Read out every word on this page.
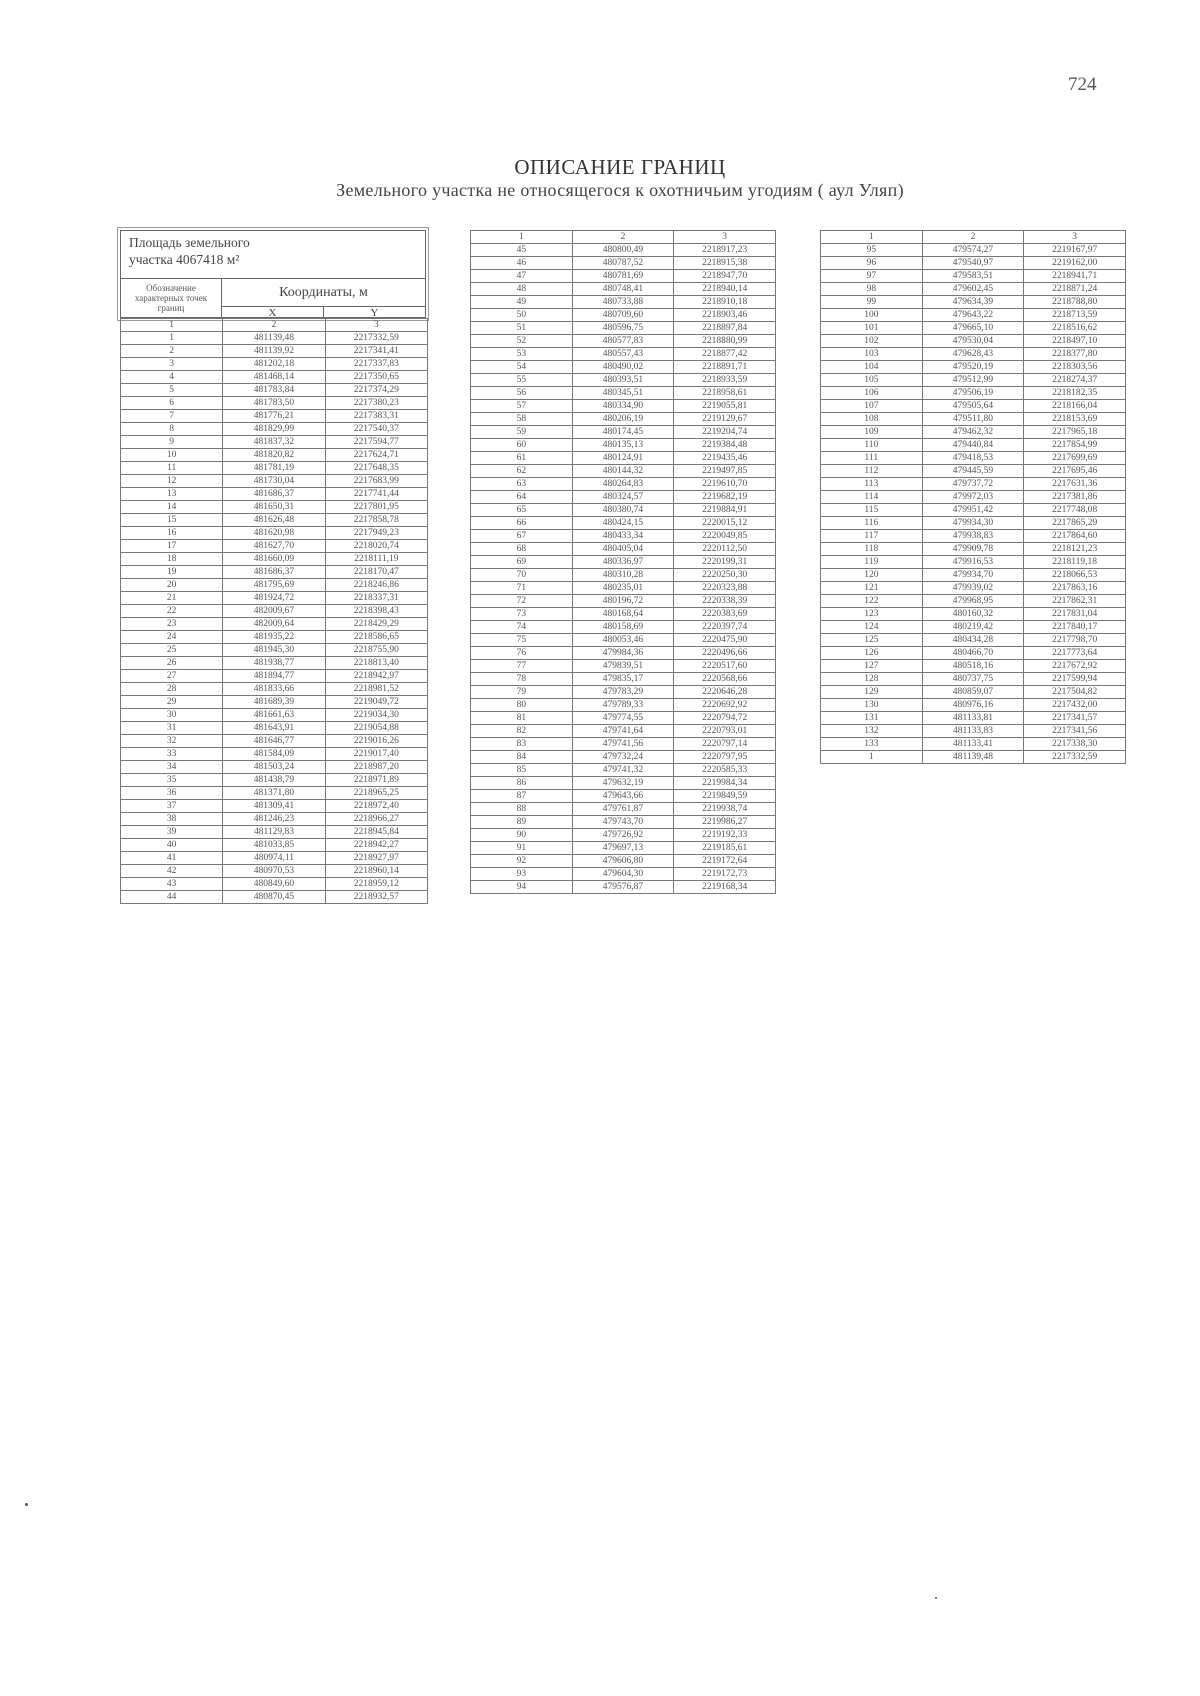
724
ОПИСАНИЕ ГРАНИЦ
Земельного участка не относящегося к охотничьим угодиям ( аул Уляп)
Площадь земельного
участка 4067418 м²
Обозначение характерных точек границ
Координаты, м
X	Y
1	2	3
1	481139,48	2217332,59
2	481139,92	2217341,41
3	481202,18	2217337,83
4	481468,14	2217350,65
5	481783,84	2217374,29
6	481783,50	2217380,23
7	481776,21	2217383,31
8	481829,99	2217540,37
9	481837,32	2217594,77
10	481820,82	2217624,71
11	481781,19	2217648,35
12	481730,04	2217683,99
13	481686,37	2217741,44
14	481650,31	2217801,95
15	481626,48	2217858,78
16	481620,98	2217949,23
17	481627,70	2218020,74
18	481660,09	2218111,19
19	481686,37	2218170,47
20	481795,69	2218246,86
21	481924,72	2218337,31
22	482009,67	2218398,43
23	482009,64	2218429,29
24	481935,22	2218586,65
25	481945,30	2218755,90
26	481938,77	2218813,40
27	481894,77	2218942,97
28	481833,66	2218981,52
29	481689,39	2219049,72
30	481661,63	2219034,30
31	481643,91	2219054,88
32	481646,77	2219016,26
33	481584,09	2219017,40
34	481503,24	2218987,20
35	481438,79	2218971,89
36	481371,80	2218965,25
37	481309,41	2218972,40
38	481246,23	2218966,27
39	481129,83	2218945,84
40	481033,85	2218942,27
41	480974,11	2218927,97
42	480970,53	2218960,14
43	480849,60	2218959,12
44	480870,45	2218932,57
1	2	3
45	480800,49	2218917,23
46	480787,52	2218915,38
47	480781,69	2218947,70
48	480748,41	2218940,14
49	480733,88	2218910,18
50	480709,60	2218903,46
51	480596,75	2218897,84
52	480577,83	2218880,99
53	480557,43	2218877,42
54	480490,02	2218891,71
55	480393,51	2218933,59
56	480345,51	2218958,61
57	480334,90	2219055,81
58	480206,19	2219129,67
59	480174,45	2219204,74
60	480135,13	2219384,48
61	480124,91	2219435,46
62	480144,32	2219497,85
63	480264,83	2219610,70
64	480324,57	2219682,19
65	480380,74	2219884,91
66	480424,15	2220015,12
67	480433,34	2220049,85
68	480405,04	2220112,50
69	480336,97	2220199,31
70	480310,28	2220250,30
71	480235,01	2220323,88
72	480196,72	2220338,39
73	480168,64	2220383,69
74	480158,69	2220397,74
75	480053,46	2220475,90
76	479984,36	2220496,66
77	479839,51	2220517,60
78	479835,17	2220568,66
79	479783,29	2220646,28
80	479789,33	2220692,92
81	479774,55	2220794,72
82	479741,64	2220793,01
83	479741,56	2220797,14
84	479732,24	2220797,95
85	479741,32	2220585,33
86	479632,19	2219984,34
87	479643,66	2219849,59
88	479761,87	2219938,74
89	479743,70	2219986,27
90	479726,92	2219192,33
91	479697,13	2219185,61
92	479606,80	2219172,64
93	479604,30	2219172,73
94	479576,87	2219168,34
1	2	3
95	479574,27	2219167,97
96	479540,97	2219162,00
97	479583,51	2218941,71
98	479602,45	2218871,24
99	479634,39	2218788,80
100	479643,22	2218713,59
101	479665,10	2218516,62
102	479530,04	2218497,10
103	479628,43	2218377,80
104	479520,19	2218303,56
105	479512,99	2218274,37
106	479506,19	2218182,35
107	479505,64	2218166,04
108	479511,80	2218153,69
109	479462,32	2217965,18
110	479440,84	2217854,99
111	479418,53	2217699,69
112	479445,59	2217695,46
113	479737,72	2217631,36
114	479972,03	2217381,86
115	479951,42	2217748,08
116	479934,30	2217865,29
117	479938,83	2217864,60
118	479909,78	2218121,23
119	479916,53	2218119,18
120	479934,70	2218066,53
121	479939,02	2217863,16
122	479968,95	2217862,31
123	480160,32	2217831,04
124	480219,42	2217840,17
125	480434,28	2217798,70
126	480466,70	2217773,64
127	480518,16	2217672,92
128	480737,75	2217599,94
129	480859,07	2217504,82
130	480976,16	2217432,00
131	481133,81	2217341,57
132	481133,83	2217341,56
133	481133,41	2217338,30
1	481139,48	2217332,59
